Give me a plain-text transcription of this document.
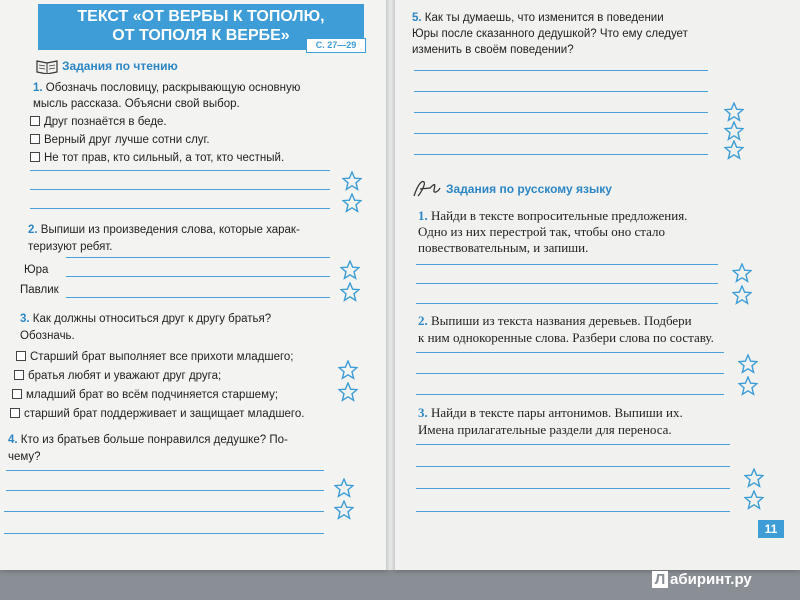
ТЕКСТ «ОТ ВЕРБЫ К ТОПОЛЮ,
ОТ ТОПОЛЯ К ВЕРБЕ»
С. 27—29
Задания по чтению
1. Обозначь пословицу, раскрывающую основную
мысль рассказа. Объясни свой выбор.
Друг познаётся в беде.
Верный друг лучше сотни слуг.
Не тот прав, кто сильный, а тот, кто честный.
2. Выпиши из произведения слова, которые харак-
теризуют ребят.
Юра
Павлик
3. Как должны относиться друг к другу братья?
Обозначь.
Старший брат выполняет все прихоти младшего;
братья любят и уважают друг друга;
младший брат во всём подчиняется старшему;
старший брат поддерживает и защищает младшего.
4. Кто из братьев больше понравился дедушке? По-
чему?
5. Как ты думаешь, что изменится в поведении
Юры после сказанного дедушкой? Что ему следует
изменить в своём поведении?
Задания по русскому языку
1. Найди в тексте вопросительные предложения.
Одно из них перестрой так, чтобы оно стало
повествовательным, и запиши.
2. Выпиши из текста названия деревьев. Подбери
к ним однокоренные слова. Разбери слова по составу.
3. Найди в тексте пары антонимов. Выпиши их.
Имена прилагательные раздели для переноса.
11
Л абиринт.ру
